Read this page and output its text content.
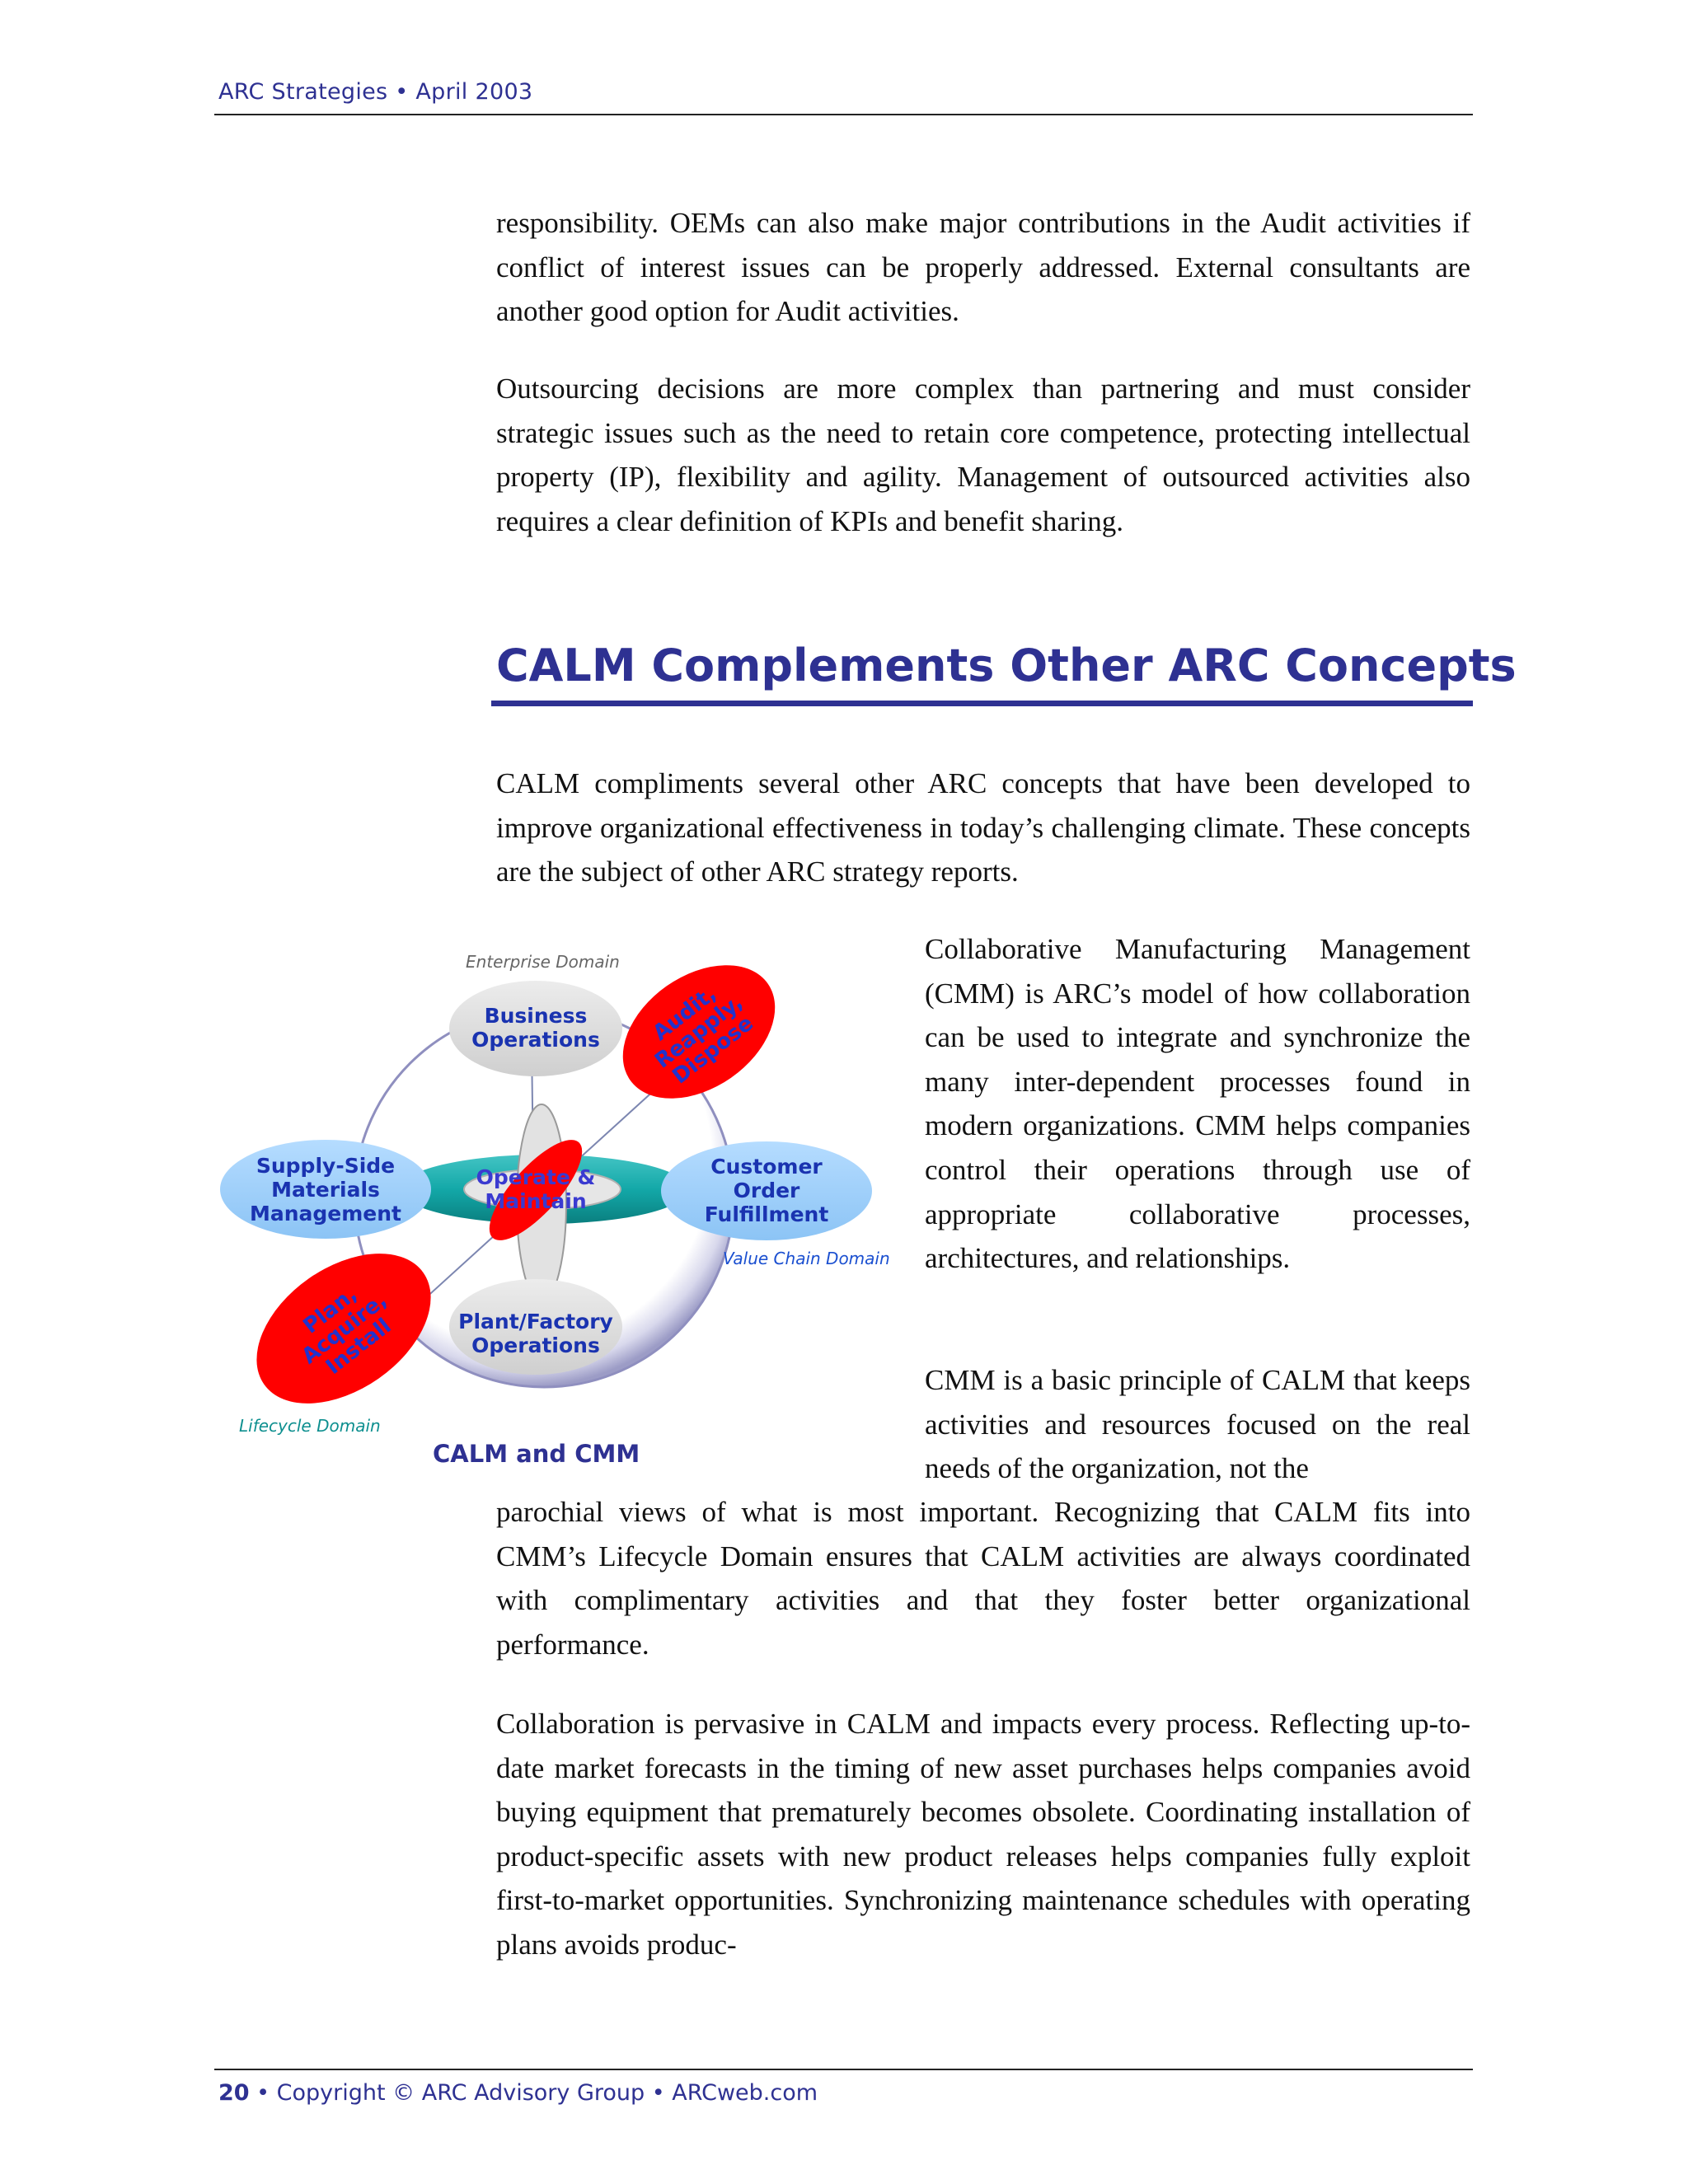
ARC Strategies • April 2003

responsibility. OEMs can also make major contributions in the Audit activities if conflict of interest issues can be properly addressed. External consultants are another good option for Audit activities.

Outsourcing decisions are more complex than partnering and must consider strategic issues such as the need to retain core competence, protecting intellectual property (IP), flexibility and agility. Management of outsourced activities also requires a clear definition of KPIs and benefit sharing.

CALM Complements Other ARC Concepts

CALM compliments several other ARC concepts that have been developed to improve organizational effectiveness in today’s challenging climate. These concepts are the subject of other ARC strategy reports.

Collaborative Manufacturing Management (CMM) is ARC’s model of how collaboration can be used to integrate and synchronize the many inter-dependent processes found in modern organizations. CMM helps companies control their operations through use of appropriate collaborative processes, architectures, and relationships.

CMM is a basic principle of CALM that keeps activities and resources focused on the real needs of the organization, not the

parochial views of what is most important. Recognizing that CALM fits into CMM’s Lifecycle Domain ensures that CALM activities are always coordinated with complimentary activities and that they foster better organizational performance.

Collaboration is pervasive in CALM and impacts every process. Reflecting up-to-date market forecasts in the timing of new asset purchases helps companies avoid buying equipment that prematurely becomes obsolete. Coordinating installation of product-specific assets with new product releases helps companies fully exploit first-to-market opportunities. Synchronizing maintenance schedules with operating plans avoids produc-

Enterprise Domain
Value Chain Domain
Lifecycle Domain
Business
Operations
Supply-Side
Materials
Management
Customer
Order
Fulfillment
Plant/Factory
Operations
Operate &
Maintain
Audit,
Reapply,
Dispose
Plan,
Acquire,
Install
CALM and CMM
20 • Copyright © ARC Advisory Group • ARCweb.com
